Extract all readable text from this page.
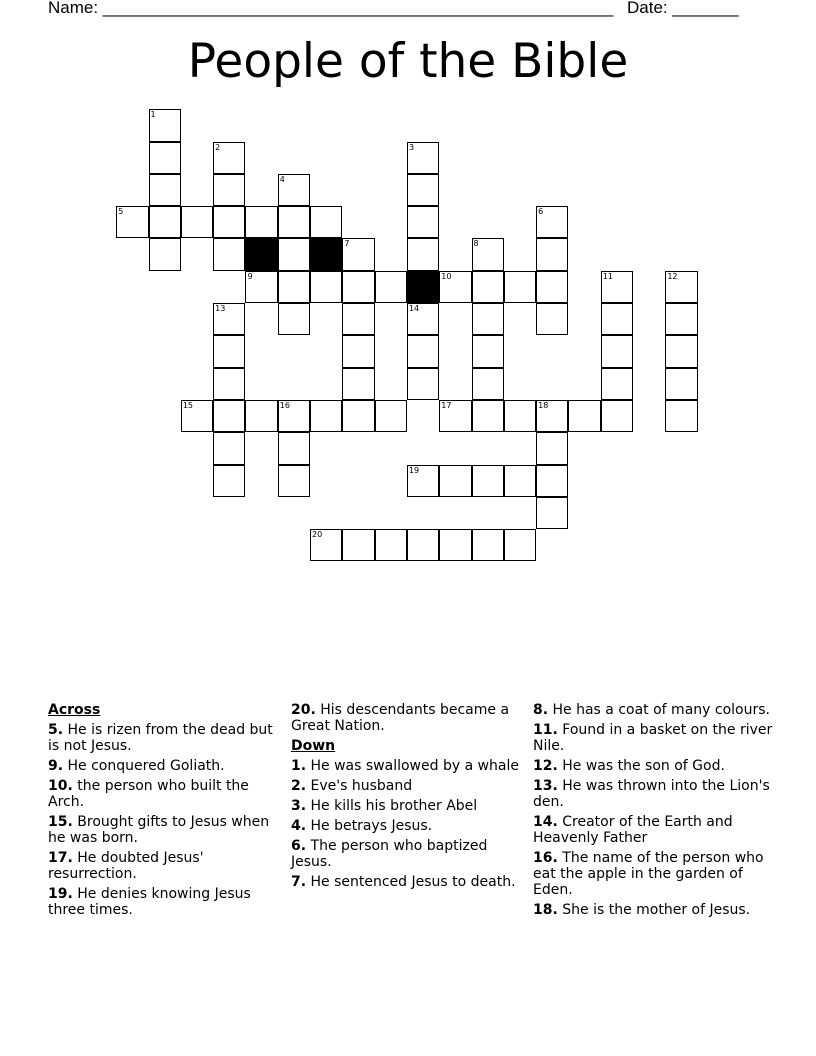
Name: ______________________________________________________ Date: _______
People of the Bible
1
2	3
4
5	6
7	8
9	10	11	12
13	14
15	16	17	18
19
20
Across
5. He is rizen from the dead but is not Jesus.
9. He conquered Goliath.
10. the person who built the Arch.
15. Brought gifts to Jesus when he was born.
17. He doubted Jesus' resurrection.
19. He denies knowing Jesus three times.
20. His descendants became a Great Nation.
Down
1. He was swallowed by a whale
2. Eve's husband
3. He kills his brother Abel
4. He betrays Jesus.
6. The person who baptized Jesus.
7. He sentenced Jesus to death.
8. He has a coat of many colours.
11. Found in a basket on the river Nile.
12. He was the son of God.
13. He was thrown into the Lion's den.
14. Creator of the Earth and Heavenly Father
16. The name of the person who eat the apple in the garden of Eden.
18. She is the mother of Jesus.
